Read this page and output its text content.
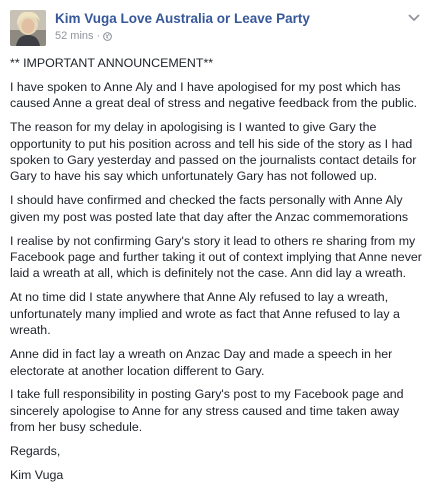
Kim Vuga Love Australia or Leave Party
52 mins ·

** IMPORTANT ANNOUNCEMENT**

I have spoken to Anne Aly and I have apologised for my post which has caused Anne a great deal of stress and negative feedback from the public.

The reason for my delay in apologising is I wanted to give Gary the opportunity to put his position across and tell his side of the story as I had spoken to Gary yesterday and passed on the journalists contact details for Gary to have his say which unfortunately Gary has not followed up.

I should have confirmed and checked the facts personally with Anne Aly given my post was posted late that day after the Anzac commemorations

I realise by not confirming Gary's story it lead to others re sharing from my Facebook page and further taking it out of context implying that Anne never laid a wreath at all, which is definitely not the case. Ann did lay a wreath.

At no time did I state anywhere that Anne Aly refused to lay a wreath, unfortunately many implied and wrote as fact that Anne refused to lay a wreath.

Anne did in fact lay a wreath on Anzac Day and made a speech in her electorate at another location different to Gary.

I take full responsibility in posting Gary's post to my Facebook page and sincerely apologise to Anne for any stress caused and time taken away from her busy schedule.

Regards,

Kim Vuga
